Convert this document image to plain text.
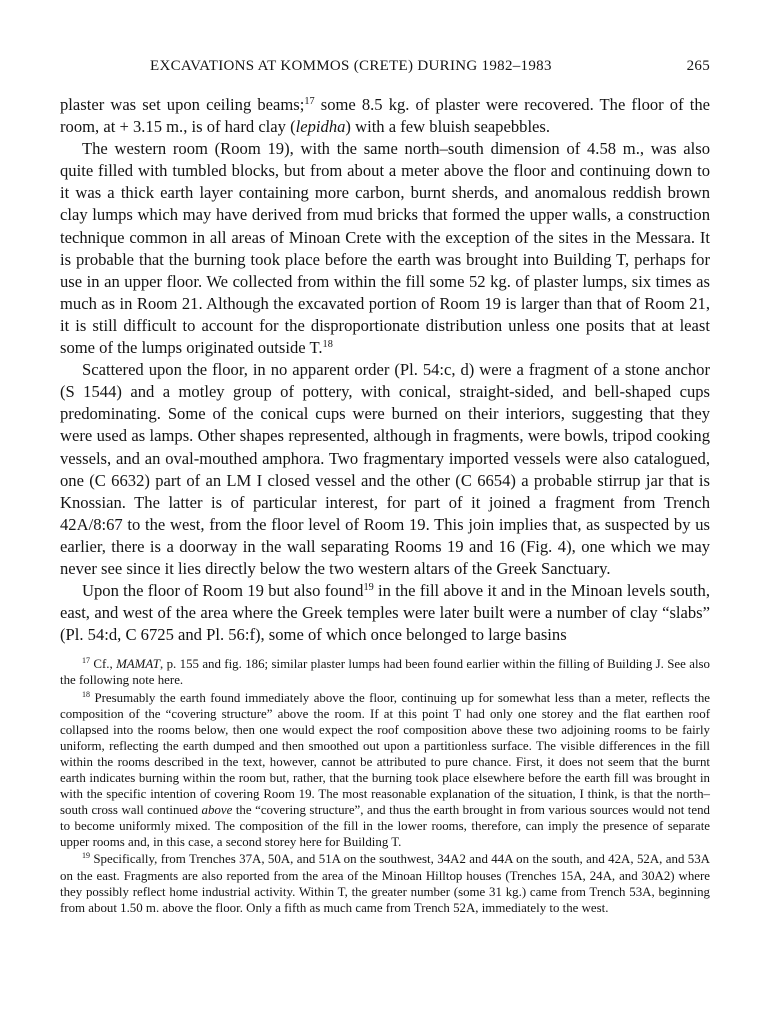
EXCAVATIONS AT KOMMOS (CRETE) DURING 1982–1983	265

plaster was set upon ceiling beams;$^{17}$ some 8.5 kg. of plaster were recovered. The floor of the room, at + 3.15 m., is of hard clay (lepidha) with a few bluish seapebbles.

The western room (Room 19), with the same north–south dimension of 4.58 m., was also quite filled with tumbled blocks, but from about a meter above the floor and continuing down to it was a thick earth layer containing more carbon, burnt sherds, and anomalous reddish brown clay lumps which may have derived from mud bricks that formed the upper walls, a construction technique common in all areas of Minoan Crete with the exception of the sites in the Messara. It is probable that the burning took place before the earth was brought into Building T, perhaps for use in an upper floor. We collected from within the fill some 52 kg. of plaster lumps, six times as much as in Room 21. Although the excavated portion of Room 19 is larger than that of Room 21, it is still difficult to account for the disproportionate distribution unless one posits that at least some of the lumps originated outside T.$^{18}$

Scattered upon the floor, in no apparent order (Pl. 54:c, d) were a fragment of a stone anchor (S 1544) and a motley group of pottery, with conical, straight-sided, and bell-shaped cups predominating. Some of the conical cups were burned on their interiors, suggesting that they were used as lamps. Other shapes represented, although in fragments, were bowls, tripod cooking vessels, and an oval-mouthed amphora. Two fragmentary imported vessels were also catalogued, one (C 6632) part of an LM I closed vessel and the other (C 6654) a probable stirrup jar that is Knossian. The latter is of particular interest, for part of it joined a fragment from Trench 42A/8:67 to the west, from the floor level of Room 19. This join implies that, as suspected by us earlier, there is a doorway in the wall separating Rooms 19 and 16 (Fig. 4), one which we may never see since it lies directly below the two western altars of the Greek Sanctuary.

Upon the floor of Room 19 but also found$^{19}$ in the fill above it and in the Minoan levels south, east, and west of the area where the Greek temples were later built were a number of clay “slabs” (Pl. 54:d, C 6725 and Pl. 56:f), some of which once belonged to large basins

$^{17}$ Cf., MAMAT, p. 155 and fig. 186; similar plaster lumps had been found earlier within the filling of Building J. See also the following note here.

$^{18}$ Presumably the earth found immediately above the floor, continuing up for somewhat less than a meter, reflects the composition of the “covering structure” above the room. If at this point T had only one storey and the flat earthen roof collapsed into the rooms below, then one would expect the roof composition above these two adjoining rooms to be fairly uniform, reflecting the earth dumped and then smoothed out upon a partitionless surface. The visible differences in the fill within the rooms described in the text, however, cannot be attributed to pure chance. First, it does not seem that the burnt earth indicates burning within the room but, rather, that the burning took place elsewhere before the earth fill was brought in with the specific intention of covering Room 19. The most reasonable explanation of the situation, I think, is that the north–south cross wall continued above the “covering structure”, and thus the earth brought in from various sources would not tend to become uniformly mixed. The composition of the fill in the lower rooms, therefore, can imply the presence of separate upper rooms and, in this case, a second storey here for Building T.

$^{19}$ Specifically, from Trenches 37A, 50A, and 51A on the southwest, 34A2 and 44A on the south, and 42A, 52A, and 53A on the east. Fragments are also reported from the area of the Minoan Hilltop houses (Trenches 15A, 24A, and 30A2) where they possibly reflect home industrial activity. Within T, the greater number (some 31 kg.) came from Trench 53A, beginning from about 1.50 m. above the floor. Only a fifth as much came from Trench 52A, immediately to the west.
